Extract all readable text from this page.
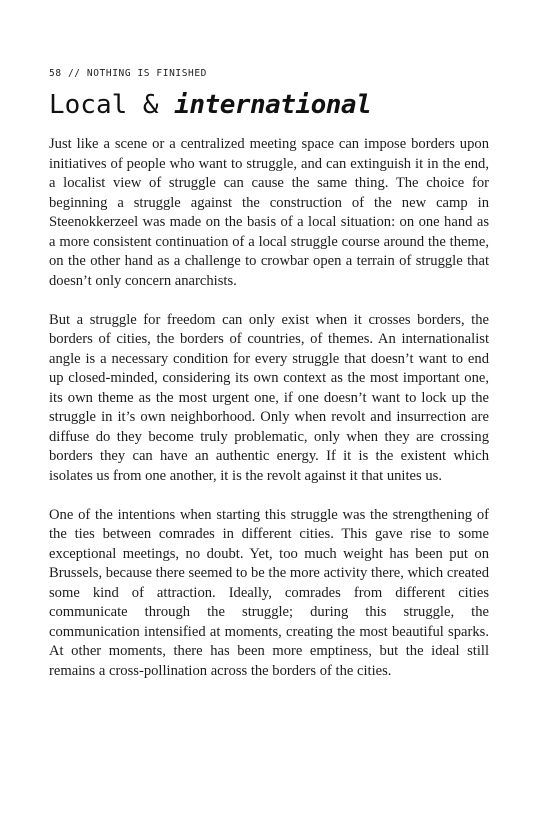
58 // NOTHING IS FINISHED
Local & international

Just like a scene or a centralized meeting space can impose borders upon initiatives of people who want to struggle, and can extinguish it in the end, a localist view of struggle can cause the same thing. The choice for beginning a struggle against the construction of the new camp in Steenokkerzeel was made on the basis of a local situation: on one hand as a more consistent continuation of a local struggle course around the theme, on the other hand as a challenge to crowbar open a terrain of struggle that doesn’t only concern anarchists.

But a struggle for freedom can only exist when it crosses borders, the borders of cities, the borders of countries, of themes. An internationalist angle is a necessary condition for every struggle that doesn’t want to end up closed-minded, considering its own context as the most important one, its own theme as the most urgent one, if one doesn’t want to lock up the struggle in it’s own neighborhood. Only when revolt and insurrection are diffuse do they become truly problematic, only when they are crossing borders they can have an authentic energy. If it is the existent which isolates us from one another, it is the revolt against it that unites us.

One of the intentions when starting this struggle was the strengthening of the ties between comrades in different cities. This gave rise to some exceptional meetings, no doubt. Yet, too much weight has been put on Brussels, because there seemed to be the more activity there, which created some kind of attraction. Ideally, comrades from different cities communicate through the struggle; during this struggle, the communication intensified at moments, creating the most beautiful sparks. At other moments, there has been more emptiness, but the ideal still remains a cross-pollination across the borders of the cities.
